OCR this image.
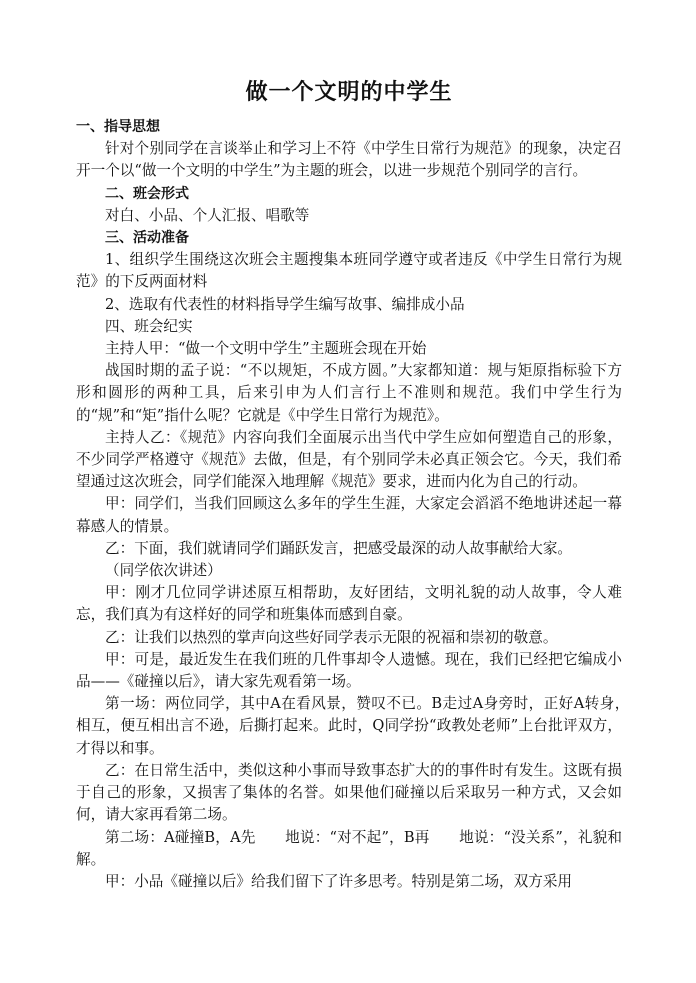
做一个文明的中学生

一、指导思想

针对个别同学在言谈举止和学习上不符《中学生日常行为规范》的现象，决定召开一个以“做一个文明的中学生”为主题的班会，以进一步规范个别同学的言行。

二、班会形式

对白、小品、个人汇报、唱歌等

三、活动准备

1、组织学生围绕这次班会主题搜集本班同学遵守或者违反《中学生日常行为规范》的下反两面材料

2、选取有代表性的材料指导学生编写故事、编排成小品

四、班会纪实

主持人甲：“做一个文明中学生”主题班会现在开始

战国时期的孟子说：“不以规矩，不成方圆。”大家都知道：规与矩原指标验下方形和圆形的两种工具，后来引申为人们言行上不准则和规范。我们中学生行为的“规”和“矩”指什么呢？它就是《中学生日常行为规范》。

主持人乙：《规范》内容向我们全面展示出当代中学生应如何塑造自己的形象，不少同学严格遵守《规范》去做，但是，有个别同学未必真正领会它。今天，我们希望通过这次班会，同学们能深入地理解《规范》要求，进而内化为自己的行动。

甲：同学们，当我们回顾这么多年的学生生涯，大家定会滔滔不绝地讲述起一幕幕感人的情景。

乙：下面，我们就请同学们踊跃发言，把感受最深的动人故事献给大家。

（同学依次讲述）

甲：刚才几位同学讲述原互相帮助，友好团结，文明礼貌的动人故事，令人难忘，我们真为有这样好的同学和班集体而感到自豪。

乙：让我们以热烈的掌声向这些好同学表示无限的祝福和崇初的敬意。

甲：可是，最近发生在我们班的几件事却令人遗憾。现在，我们已经把它编成小品——《碰撞以后》，请大家先观看第一场。

第一场：两位同学，其中A在看风景，赞叹不已。B走过A身旁时，正好A转身，　　相互，便互相出言不逊，后撕打起来。此时，Q同学扮“政教处老师”上台批评双方，才得以和事。

乙：在日常生活中，类似这种小事而导致事态扩大的的事件时有发生。这既有损于自己的形象，又损害了集体的名誉。如果他们碰撞以后采取另一种方式，又会如何，请大家再看第二场。

第二场：A碰撞B，A先　　地说：“对不起”，B再　　地说：“没关系”，礼貌和解。

甲：小品《碰撞以后》给我们留下了许多思考。特别是第二场，双方采用
